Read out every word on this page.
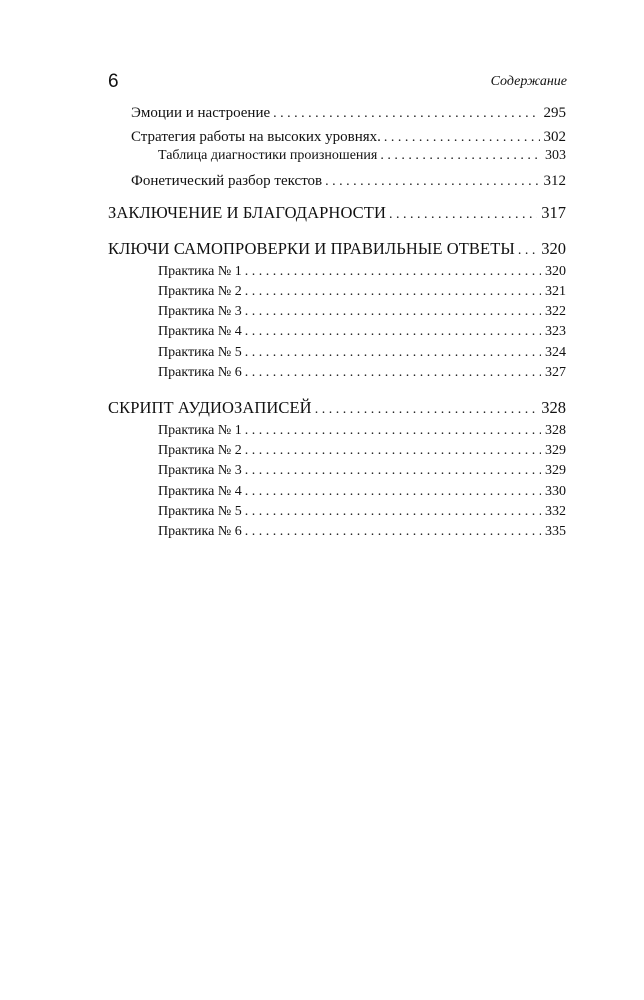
6	Содержание
Эмоции и настроение . . .	295
Стратегия работы на высоких уровнях. . . .	302
Таблица диагностики произношения . . .	303
Фонетический разбор текстов . . .	312
ЗАКЛЮЧЕНИЕ И БЛАГОДАРНОСТИ . . .	317
КЛЮЧИ САМОПРОВЕРКИ И ПРАВИЛЬНЫЕ ОТВЕТЫ . . . 320
Практика № 1 . . .	320
Практика № 2 . . .	321
Практика № 3 . . .	322
Практика № 4 . . .	323
Практика № 5 . . .	324
Практика № 6 . . .	327
СКРИПТ АУДИОЗАПИСЕЙ . . .	328
Практика № 1 . . .	328
Практика № 2 . . .	329
Практика № 3 . . .	329
Практика № 4 . . .	330
Практика № 5 . . .	332
Практика № 6 . . .	335
